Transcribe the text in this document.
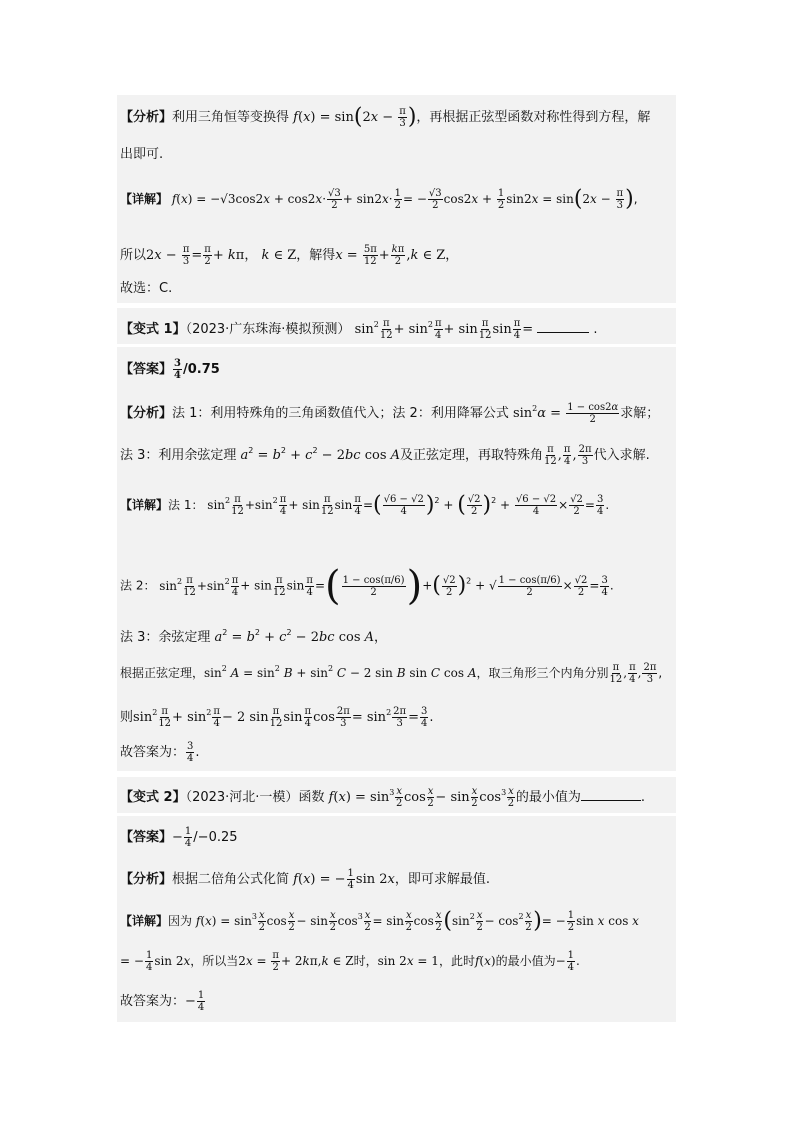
【分析】利用三角恒等变换得 $f(x) = \sin(2x - \frac{\pi}{3}$ )，再根据正弦型函数对称性得到方程，解
出即可.
【详解】 $f(x) = -√3\cos 2x + \cos 2x\cdot \frac{√3}{2} + \sin 2x\cdot \frac{1}{2}$ = − $\frac{√3}{2} \cos 2x + \frac{1}{2} \sin 2x = \sin(2x - \frac{\pi}{3}$ ),
所以$2x - \frac{\pi}{3} = \frac{\pi}{2} + k\pi$， k ∈ Z，解得$x = \frac{5\pi}{12} + \frac{k\pi}{2} ,k$ ∈ Z，
故选：C.
【变式 1】（2023·广东珠海·模拟预测） $\sin^2 \frac{\pi}{12} + \sin^2 \frac{\pi}{4} + \sin \frac{\pi}{12}$ $\sin \frac{\pi}{4}$ =	.
【答案】 $\frac{3}{4} /0.75$
【分析】法 1：利用特殊角的三角函数值代入；法 2：利用降幂公式 $\sin^2\alpha = \frac{1 - \cos 2\alpha}{2}$ 求解；
法 3：利用余弦定理 $a^2 = b^2 + c^2 - 2bc$ cos A及正弦定理，再取特殊角 $\frac{\pi}{12}$ , $\frac{\pi}{4}$ , $\frac{2\pi}{3}$ 代入求解.
【详解】法 1： $\sin^2 \frac{\pi}{12} +\sin^2 \frac{\pi}{4} + \sin \frac{\pi}{12}$ $\sin \frac{\pi}{4}$ =( $\frac{√6 - √2}{4} )^2$ + ( $\frac{√2}{2} )^2 + \frac{√6 - √2}{4} \times \frac{√2}{2} = \frac{3}{4}$ .
法 2： $\sin^2 \frac{\pi}{12} +\sin^2 \frac{\pi}{4} + \sin \frac{\pi}{12}$ $\sin \frac{\pi}{4}$ =( $\frac{1 - \cos(\pi/6)}{2}$ )+( $\frac{√2}{2} )^2$ + √ $\frac{1 - \cos(\pi/6)}{2} \times \frac{√2}{2} = \frac{3}{4}$ .
法 3：余弦定理 $a^2 = b^2 + c^2 - 2bc$ cos A，
根据正弦定理，$\sin^2 A = \sin^2 B + \sin^2 C - 2$ sin B sin C cos A，取三角形三个内角分别 $\frac{\pi}{12}$ , $\frac{\pi}{4}$ , $\frac{2\pi}{3}$ ,
则$\sin^2 \frac{\pi}{12} + \sin^2 \frac{\pi}{4} - 2$ $\sin \frac{\pi}{12}$ $\sin \frac{\pi}{4}$ $\cos \frac{2\pi}{3} = \sin^2 \frac{2\pi}{3} = \frac{3}{4}$ .
故答案为： $\frac{3}{4}$ .
【变式 2】（2023·河北·一模）函数 $f(x) = \sin^3 \frac{x}{2}$ $\cos \frac{x}{2} - \sin \frac{x}{2} \cos^3 \frac{x}{2}$ 的最小值为	.
【答案】− $\frac{1}{4} /-0.25$
【分析】根据二倍角公式化简 f(x) = − $\frac{1}{4}$ sin 2x，即可求解最值.
【详解】因为 $f(x) = \sin^3 \frac{x}{2}$ $\cos \frac{x}{2} - \sin \frac{x}{2} \cos^3 \frac{x}{2} = \sin \frac{x}{2}$ $\cos \frac{x}{2} (\sin^2 \frac{x}{2} - \cos^2 \frac{x}{2}$ )= − $\frac{1}{2}$ sin x cos x
= − $\frac{1}{4}$ sin 2x，所以当$2x = \frac{\pi}{2} + 2k\pi,k$ ∈ Z时，sin 2x = 1，此时f(x)的最小值为− $\frac{1}{4}$ .
故答案为：− $\frac{1}{4}$
